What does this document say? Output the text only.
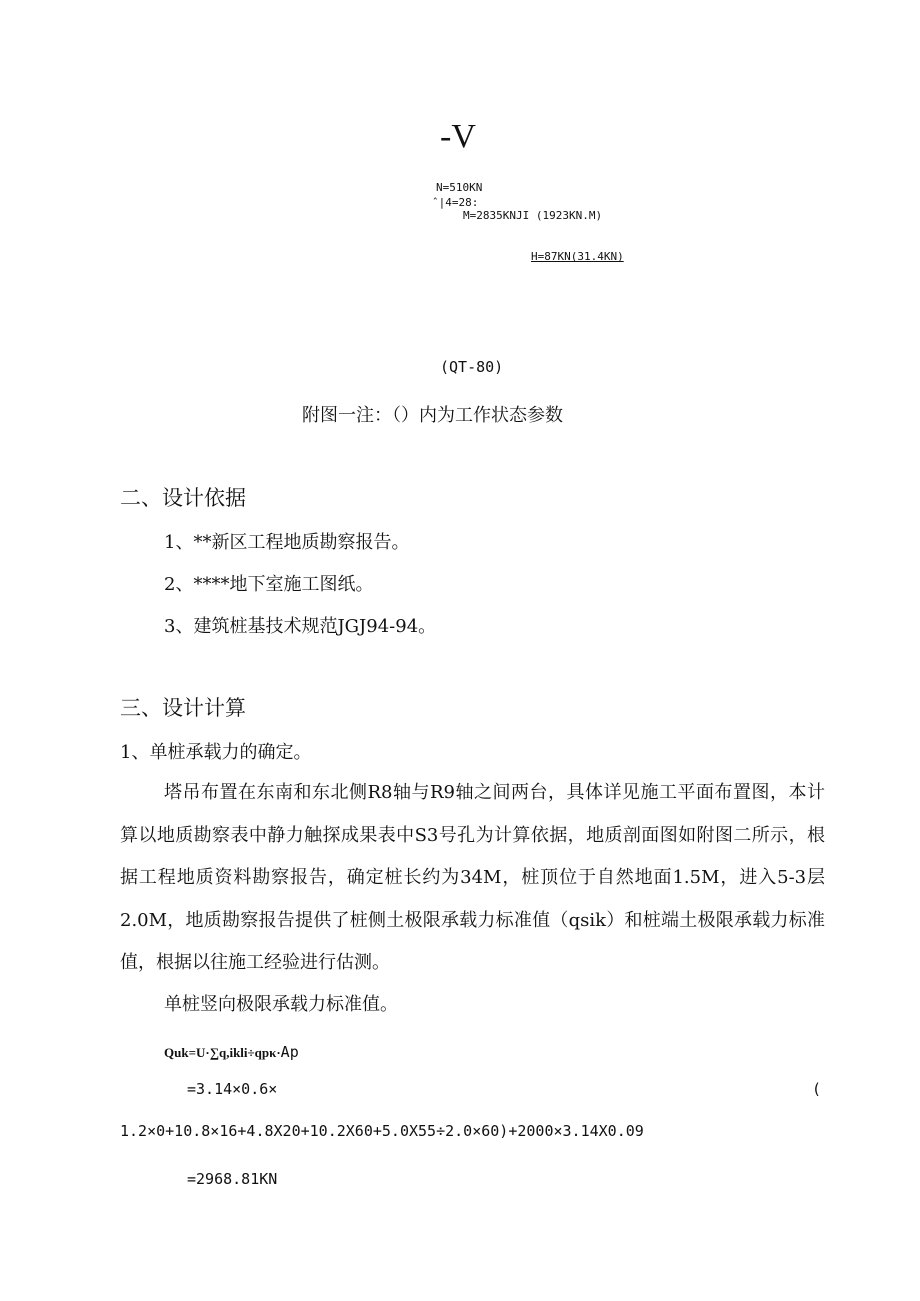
-V
N=510KN
ˆ|4=28:
M=2835KNJI (1923KN.M)
H=87KN(31.4KN)
(QT-80)
附图一注：（）内为工作状态参数
二、设计依据
1、**新区工程地质勘察报告。
2、****地下室施工图纸。
3、建筑桩基技术规范JGJ94-94。
三、设计计算
1、单桩承载力的确定。
塔吊布置在东南和东北侧R8轴与R9轴之间两台，具体详见施工平面布置图，本计算以地质勘察表中静力触探成果表中S3号孔为计算依据，地质剖面图如附图二所示，根据工程地质资料勘察报告，确定桩长约为34M，桩顶位于自然地面1.5M，进入5-3层2.0M，地质勘察报告提供了桩侧土极限承载力标准值（qsik）和桩端土极限承载力标准值，根据以往施工经验进行估测。
单桩竖向极限承载力标准值。
Quk=U·∑q,ikli÷qpκ·Ap
=3.14×0.6×	(
1.2×0+10.8×16+4.8X20+10.2X60+5.0X55÷2.0×60)+2000×3.14X0.09
=2968.81KN
